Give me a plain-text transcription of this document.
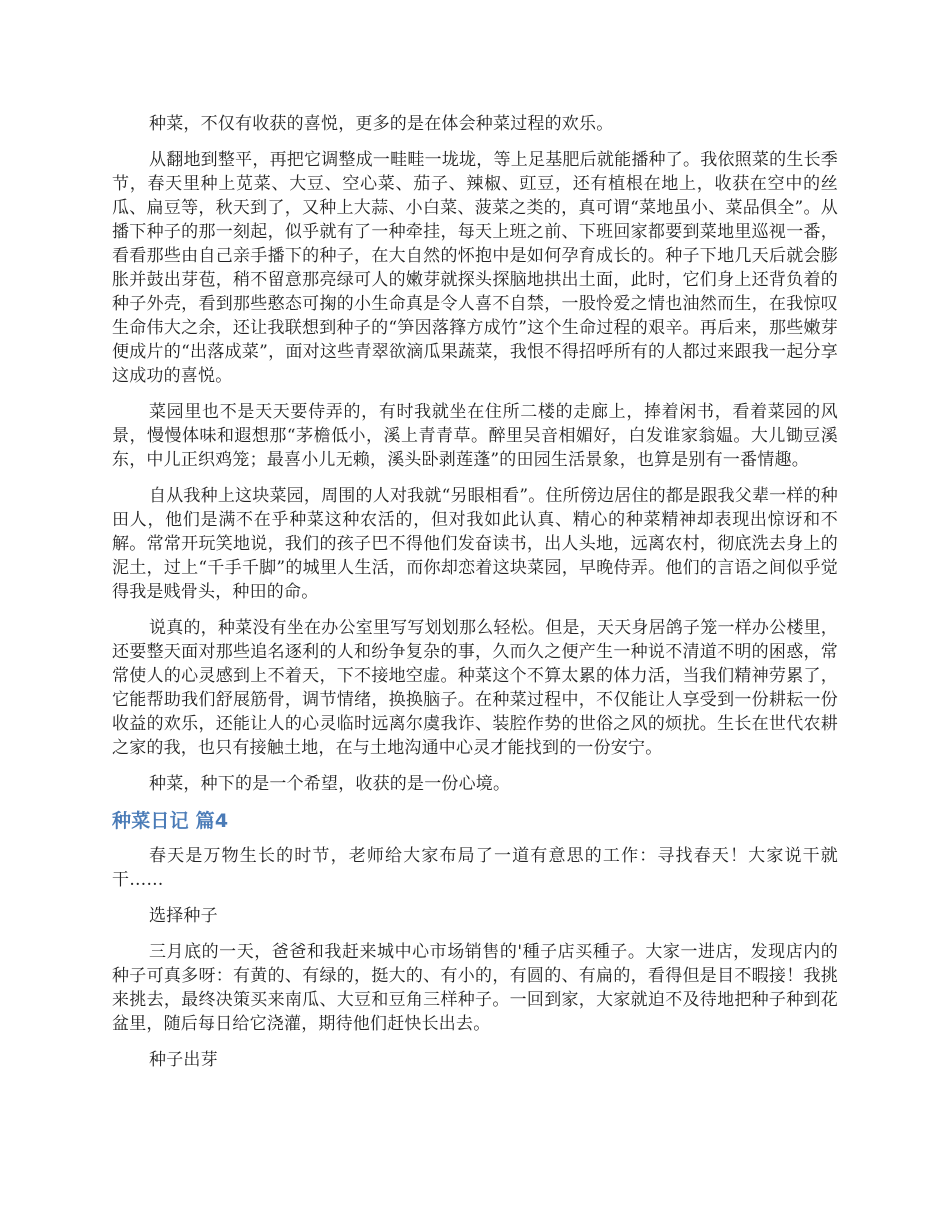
种菜，不仅有收获的喜悦，更多的是在体会种菜过程的欢乐。

从翻地到整平，再把它调整成一畦畦一垅垅，等上足基肥后就能播种了。我依照菜的生长季节，春天里种上苋菜、大豆、空心菜、茄子、辣椒、豇豆，还有植根在地上，收获在空中的丝瓜、扁豆等，秋天到了，又种上大蒜、小白菜、菠菜之类的，真可谓“菜地虽小、菜品俱全”。从播下种子的那一刻起，似乎就有了一种牵挂，每天上班之前、下班回家都要到菜地里巡视一番，看看那些由自己亲手播下的种子，在大自然的怀抱中是如何孕育成长的。种子下地几天后就会膨胀并鼓出芽苞，稍不留意那亮绿可人的嫩芽就探头探脑地拱出土面，此时，它们身上还背负着的种子外壳，看到那些憨态可掬的小生命真是令人喜不自禁，一股怜爱之情也油然而生，在我惊叹生命伟大之余，还让我联想到种子的“笋因落箨方成竹”这个生命过程的艰辛。再后来，那些嫩芽便成片的“出落成菜”，面对这些青翠欲滴瓜果蔬菜，我恨不得招呼所有的人都过来跟我一起分享这成功的喜悦。

菜园里也不是天天要侍弄的，有时我就坐在住所二楼的走廊上，捧着闲书，看着菜园的风景，慢慢体味和遐想那“茅檐低小，溪上青青草。醉里吴音相媚好，白发谁家翁媪。大儿锄豆溪东，中儿正织鸡笼；最喜小儿无赖，溪头卧剥莲蓬”的田园生活景象，也算是别有一番情趣。

自从我种上这块菜园，周围的人对我就“另眼相看”。住所傍边居住的都是跟我父辈一样的种田人，他们是满不在乎种菜这种农活的，但对我如此认真、精心的种菜精神却表现出惊讶和不解。常常开玩笑地说，我们的孩子巴不得他们发奋读书，出人头地，远离农村，彻底洗去身上的泥土，过上“千手千脚”的城里人生活，而你却恋着这块菜园，早晚侍弄。他们的言语之间似乎觉得我是贱骨头，种田的命。

说真的，种菜没有坐在办公室里写写划划那么轻松。但是，天天身居鸽子笼一样办公楼里，还要整天面对那些追名逐利的人和纷争复杂的事，久而久之便产生一种说不清道不明的困惑，常常使人的心灵感到上不着天，下不接地空虚。种菜这个不算太累的体力活，当我们精神劳累了，它能帮助我们舒展筋骨，调节情绪，换换脑子。在种菜过程中，不仅能让人享受到一份耕耘一份收益的欢乐，还能让人的心灵临时远离尔虞我诈、装腔作势的世俗之风的烦扰。生长在世代农耕之家的我，也只有接触土地，在与土地沟通中心灵才能找到的一份安宁。

种菜，种下的是一个希望，收获的是一份心境。

种菜日记 篇4

春天是万物生长的时节，老师给大家布局了一道有意思的工作：寻找春天！大家说干就干……

选择种子

三月底的一天，爸爸和我赶来城中心市场销售的'種子店买種子。大家一进店，发现店内的种子可真多呀：有黄的、有绿的，挺大的、有小的，有圆的、有扁的，看得但是目不暇接！我挑来挑去，最终决策买来南瓜、大豆和豆角三样种子。一回到家，大家就迫不及待地把种子种到花盆里，随后每日给它浇灌，期待他们赶快长出去。

种子出芽
